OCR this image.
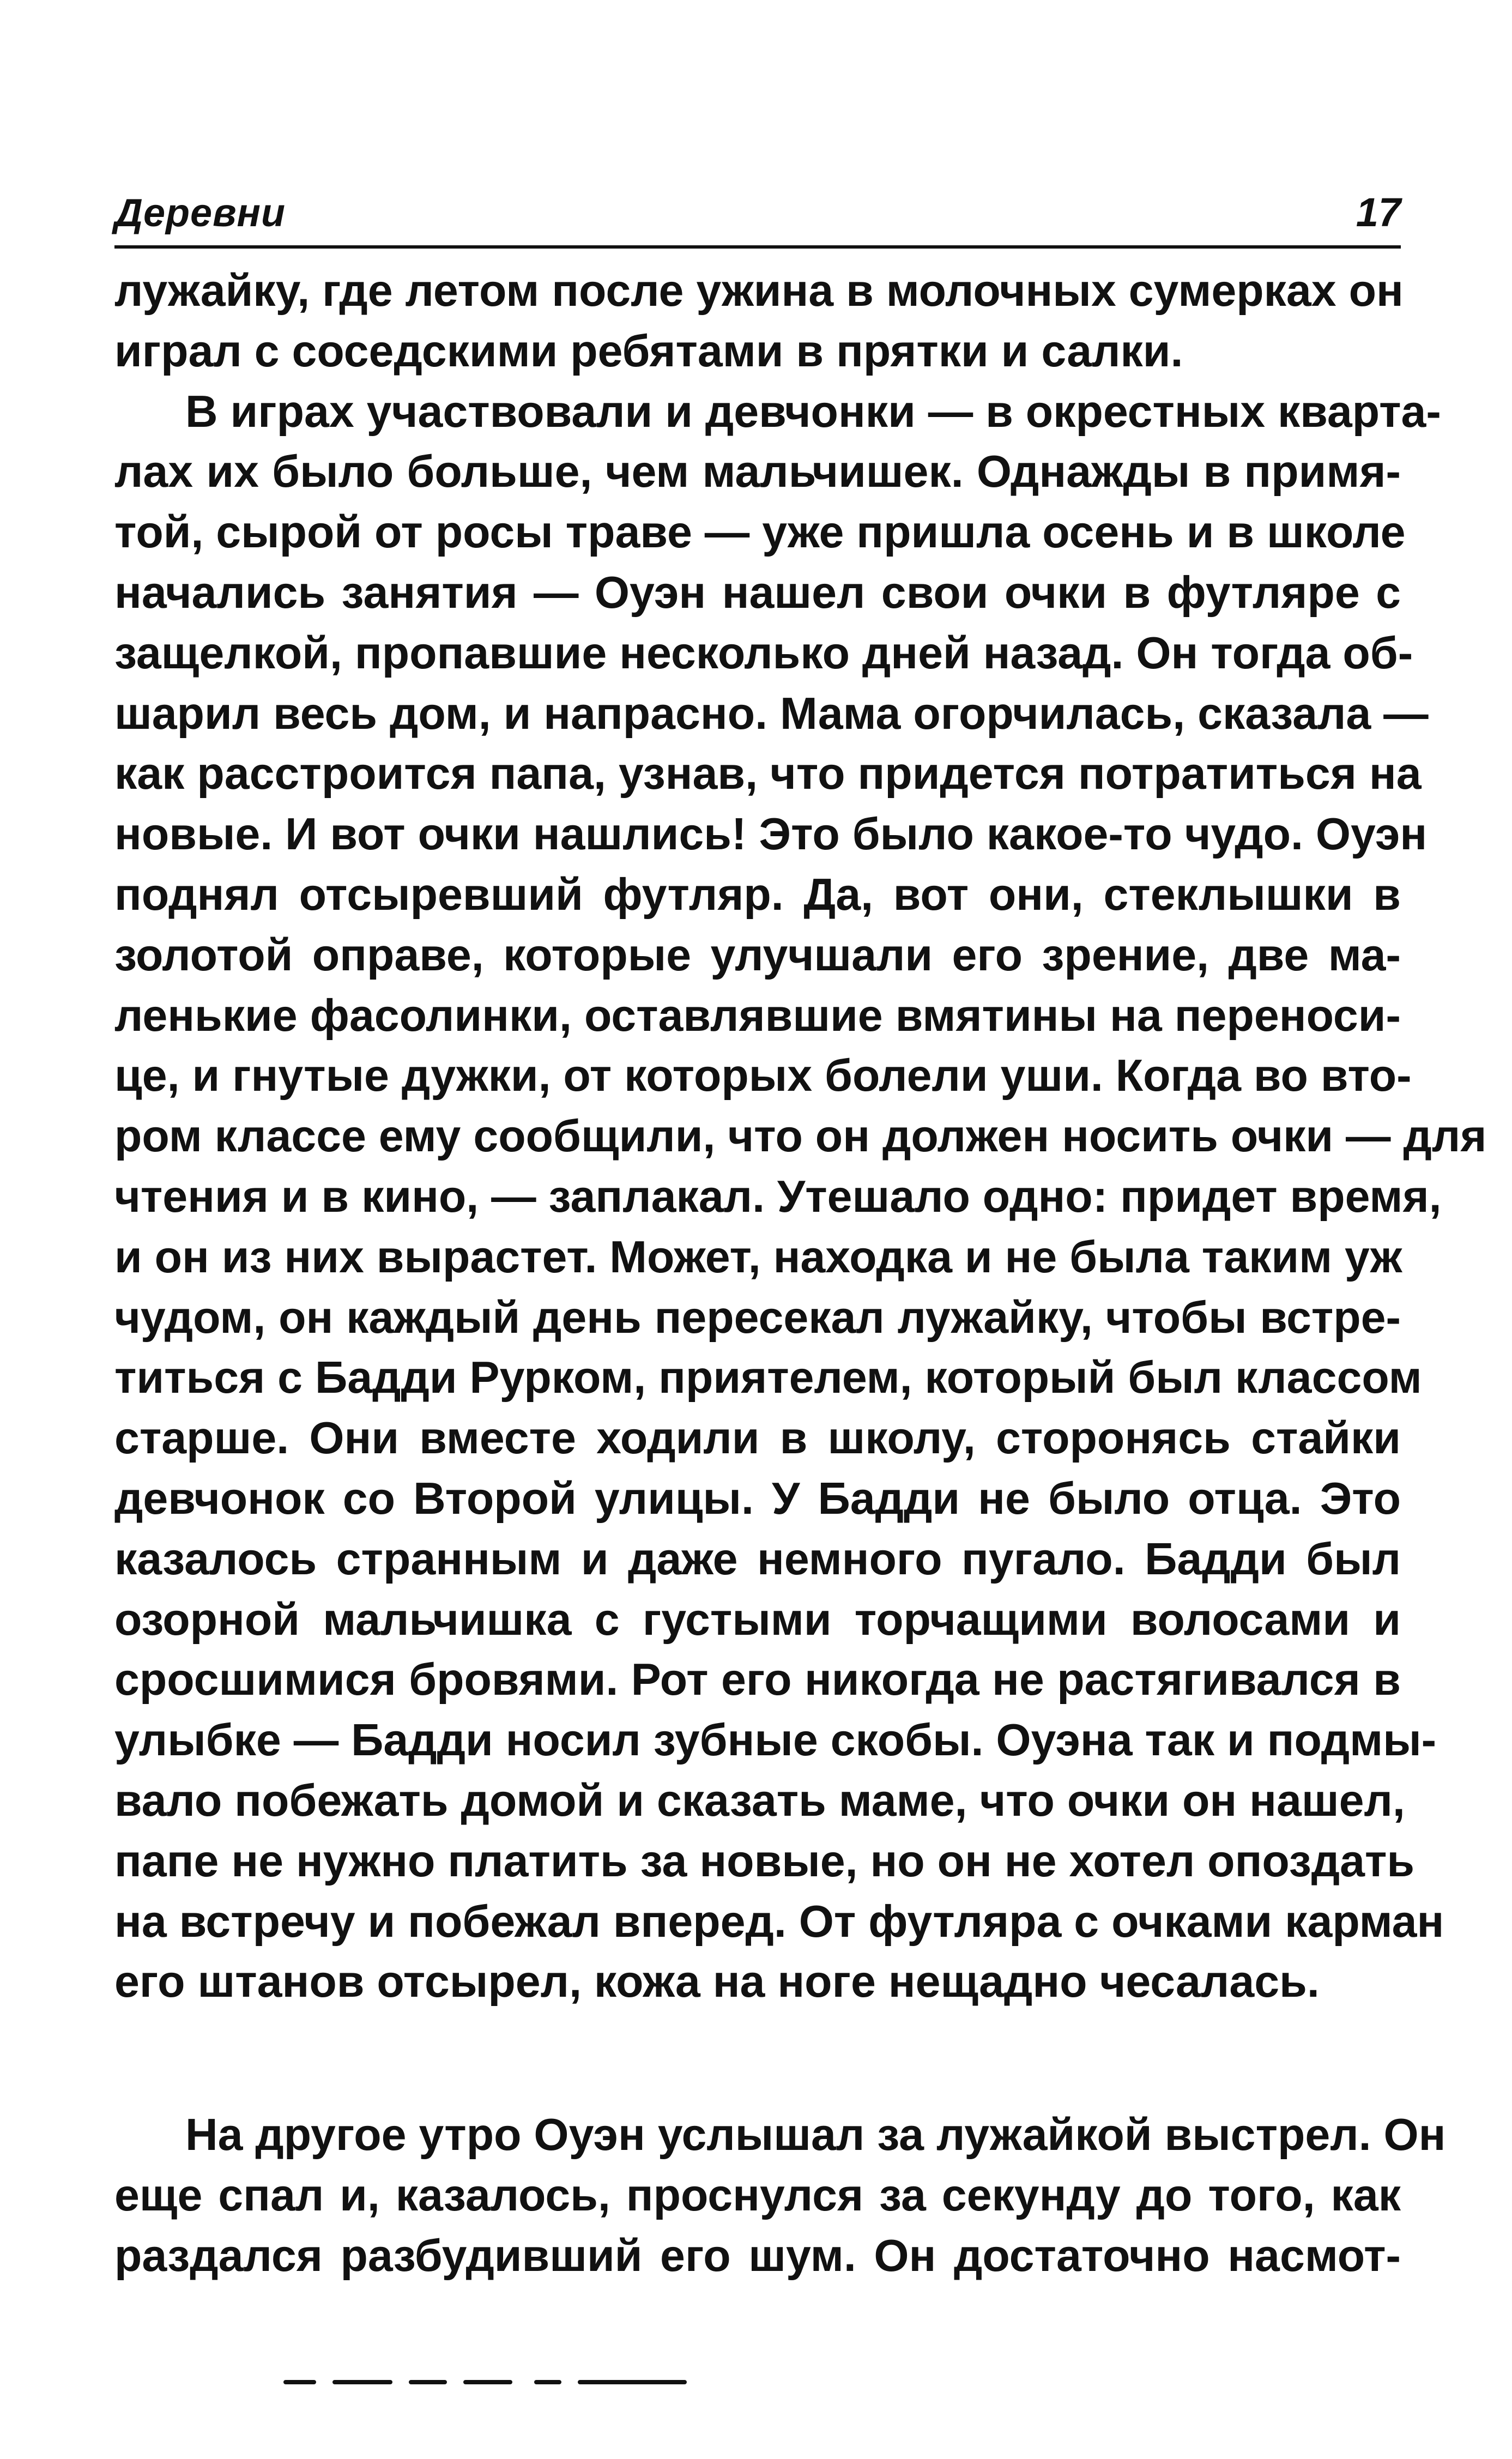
Деревни	17

лужайку, где летом после ужина в молочных сумерках он
играл с соседскими ребятами в прятки и салки.

В играх участвовали и девчонки — в окрестных кварта-
лах их было больше, чем мальчишек. Однажды в примя-
той, сырой от росы траве — уже пришла осень и в школе
начались занятия — Оуэн нашел свои очки в футляре с
защелкой, пропавшие несколько дней назад. Он тогда об-
шарил весь дом, и напрасно. Мама огорчилась, сказала —
как расстроится папа, узнав, что придется потратиться на
новые. И вот очки нашлись! Это было какое-то чудо. Оуэн
поднял отсыревший футляр. Да, вот они, стеклышки в
золотой оправе, которые улучшали его зрение, две ма-
ленькие фасолинки, оставлявшие вмятины на переноси-
це, и гнутые дужки, от которых болели уши. Когда во вто-
ром классе ему сообщили, что он должен носить очки — для
чтения и в кино, — заплакал. Утешало одно: придет время,
и он из них вырастет. Может, находка и не была таким уж
чудом, он каждый день пересекал лужайку, чтобы встре-
титься с Бадди Рурком, приятелем, который был классом
старше. Они вместе ходили в школу, сторонясь стайки
девчонок со Второй улицы. У Бадди не было отца. Это
казалось странным и даже немного пугало. Бадди был
озорной мальчишка с густыми торчащими волосами и
сросшимися бровями. Рот его никогда не растягивался в
улыбке — Бадди носил зубные скобы. Оуэна так и подмы-
вало побежать домой и сказать маме, что очки он нашел,
папе не нужно платить за новые, но он не хотел опоздать
на встречу и побежал вперед. От футляра с очками карман
его штанов отсырел, кожа на ноге нещадно чесалась.

На другое утро Оуэн услышал за лужайкой выстрел. Он
еще спал и, казалось, проснулся за секунду до того, как
раздался разбудивший его шум. Он достаточно насмот-
